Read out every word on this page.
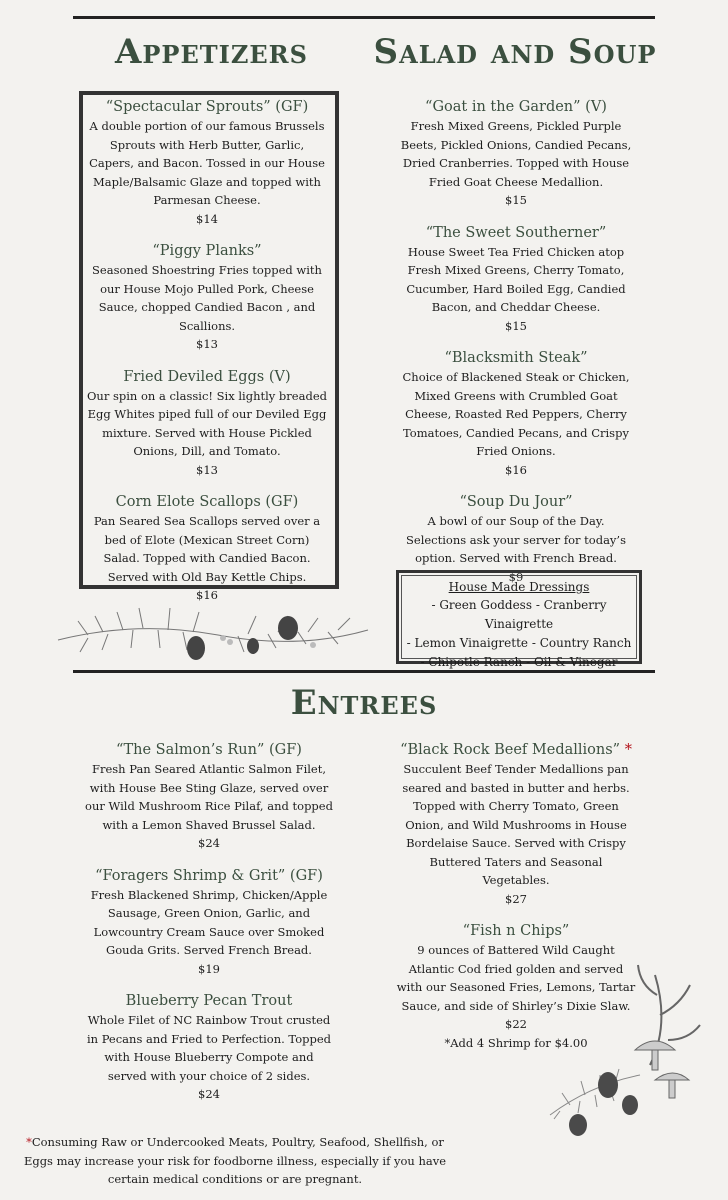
Appetizers Salad and Soup
“Spectacular Sprouts” (GF)
A double portion of our famous Brussels Sprouts with Herb Butter, Garlic, Capers, and Bacon. Tossed in our House Maple/Balsamic Glaze and topped with Parmesan Cheese.
$14
“Piggy Planks”
Seasoned Shoestring Fries topped with our House Mojo Pulled Pork, Cheese Sauce, chopped Candied Bacon , and Scallions.
$13
Fried Deviled Eggs (V)
Our spin on a classic! Six lightly breaded Egg Whites piped full of our Deviled Egg mixture. Served with House Pickled Onions, Dill, and Tomato.
$13
Corn Elote Scallops (GF)
Pan Seared Sea Scallops served over a bed of Elote (Mexican Street Corn) Salad. Topped with Candied Bacon. Served with Old Bay Kettle Chips.
$16
“Goat in the Garden” (V)
Fresh Mixed Greens, Pickled Purple Beets, Pickled Onions, Candied Pecans, Dried Cranberries. Topped with House Fried Goat Cheese Medallion.
$15
“The Sweet Southerner”
House Sweet Tea Fried Chicken atop Fresh Mixed Greens, Cherry Tomato, Cucumber, Hard Boiled Egg, Candied Bacon, and Cheddar Cheese.
$15
“Blacksmith Steak”
Choice of Blackened Steak or Chicken, Mixed Greens with Crumbled Goat Cheese, Roasted Red Peppers, Cherry Tomatoes, Candied Pecans, and Crispy Fried Onions.
$16
“Soup Du Jour”
A bowl of our Soup of the Day. Selections ask your server for today’s option. Served with French Bread.
$9
House Made Dressings
- Green Goddess - Cranberry Vinaigrette
- Lemon Vinaigrette - Country Ranch
- Chipotle Ranch - Oil & Vinegar
Entrees
“The Salmon’s Run” (GF)
Fresh Pan Seared Atlantic Salmon Filet, with House Bee Sting Glaze, served over our Wild Mushroom Rice Pilaf, and topped with a Lemon Shaved Brussel Salad.
$24
“Foragers Shrimp & Grit” (GF)
Fresh Blackened Shrimp, Chicken/Apple Sausage, Green Onion, Garlic, and Lowcountry Cream Sauce over Smoked Gouda Grits. Served French Bread.
$19
Blueberry Pecan Trout
Whole Filet of NC Rainbow Trout crusted in Pecans and Fried to Perfection. Topped with House Blueberry Compote and served with your choice of 2 sides.
$24
“Black Rock Beef Medallions” *
Succulent Beef Tender Medallions pan seared and basted in butter and herbs. Topped with Cherry Tomato, Green Onion, and Wild Mushrooms in House Bordelaise Sauce. Served with Crispy Buttered Taters and Seasonal Vegetables.
$27
“Fish n Chips”
9 ounces of Battered Wild Caught Atlantic Cod fried golden and served with our Seasoned Fries, Lemons, Tartar Sauce, and side of Shirley’s Dixie Slaw.
$22
*Add 4 Shrimp for $4.00
*Consuming Raw or Undercooked Meats, Poultry, Seafood, Shellfish, or Eggs may increase your risk for foodborne illness, especially if you have certain medical conditions or are pregnant.
